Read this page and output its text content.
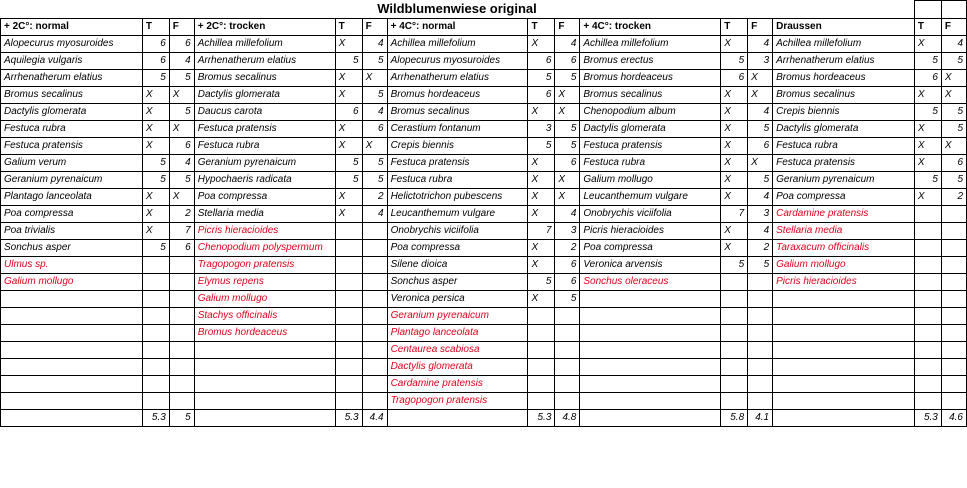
Wildblumenwiese original
+ 2C°: normal	T	F	+ 2C°: trocken	T	F	+ 4C°: normal	T	F	+ 4C°: trocken	T	F	Draussen	T	F
Alopecurus myosuroides	6	6	Achillea millefolium	X	4	Achillea millefolium	X	4	Achillea millefolium	X	4	Achillea millefolium	X	4
Aquilegia vulgaris	6	4	Arrhenatherum elatius	5	5	Alopecurus myosuroides	6	6	Bromus erectus	5	3	Arrhenatherum elatius	5	5
Arrhenatherum elatius	5	5	Bromus secalinus	X	X	Arrhenatherum elatius	5	5	Bromus hordeaceus	6	X	Bromus hordeaceus	6	X
Bromus secalinus	X	X	Dactylis glomerata	X	5	Bromus hordeaceus	6	X	Bromus secalinus	X	X	Bromus secalinus	X	X
Dactylis glomerata	X	5	Daucus carota	6	4	Bromus secalinus	X	X	Chenopodium album	X	4	Crepis biennis	5	5
Festuca rubra	X	X	Festuca pratensis	X	6	Cerastium fontanum	3	5	Dactylis glomerata	X	5	Dactylis glomerata	X	5
Festuca pratensis	X	6	Festuca rubra	X	X	Crepis biennis	5	5	Festuca pratensis	X	6	Festuca rubra	X	X
Galium verum	5	4	Geranium pyrenaicum	5	5	Festuca pratensis	X	6	Festuca rubra	X	X	Festuca pratensis	X	6
Geranium pyrenaicum	5	5	Hypochaeris radicata	5	5	Festuca rubra	X	X	Galium mollugo	X	5	Geranium pyrenaicum	5	5
Plantago lanceolata	X	X	Poa compressa	X	2	Helictotrichon pubescens	X	X	Leucanthemum vulgare	X	4	Poa compressa	X	2
Poa compressa	X	2	Stellaria media	X	4	Leucanthemum vulgare	X	4	Onobrychis viciifolia	7	3	Cardamine pratensis		
Poa trivialis	X	7	Picris hieracioides			Onobrychis viciifolia	7	3	Picris hieracioides	X	4	Stellaria media		
Sonchus asper	5	6	Chenopodium polyspermum			Poa compressa	X	2	Poa compressa	X	2	Taraxacum officinalis		
Ulmus sp.			Tragopogon pratensis			Silene dioica	X	6	Veronica arvensis	5	5	Galium mollugo		
Galium mollugo			Elymus repens			Sonchus asper	5	6	Sonchus oleraceus			Picris hieracioides		
			Galium mollugo			Veronica persica	X	5						
			Stachys officinalis			Geranium pyrenaicum								
			Bromus hordeaceus			Plantago lanceolata								
						Centaurea scabiosa								
						Dactylis glomerata								
						Cardamine pratensis								
						Tragopogon pratensis								
	5.3	5		5.3	4.4		5.3	4.8		5.8	4.1		5.3	4.6
